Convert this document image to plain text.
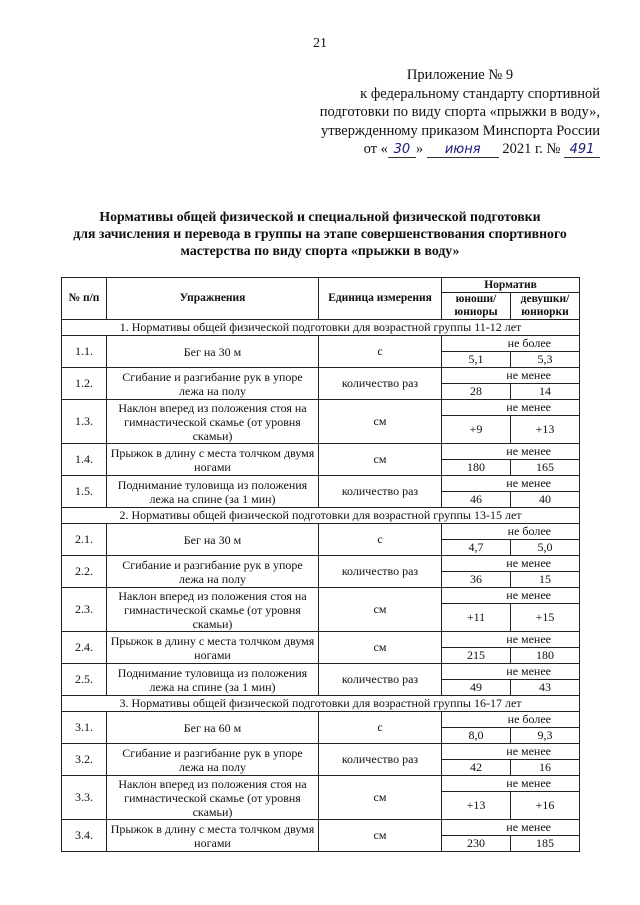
21
Приложение № 9
к федеральному стандарту спортивной
подготовки по виду спорта «прыжки в воду»,
утвержденному приказом Минспорта России
от « 30 » июня 2021 г. № 491
Нормативы общей физической и специальной физической подготовки
для зачисления и перевода в группы на этапе совершенствования спортивного
мастерства по виду спорта «прыжки в воду»
№ п/п	Упражнения	Единица измерения	Норматив	
			юноши/ юниоры	девушки/ юниорки
1. Нормативы общей физической подготовки для возрастной группы 11-12 лет				
1.1.	Бег на 30 м	с	не более	
			5,1	5,3
1.2.	Сгибание и разгибание рук в упоре лежа на полу	количество раз	не менее	
			28	14
1.3.	Наклон вперед из положения стоя на гимнастической скамье (от уровня скамьи)	см	не менее	
			+9	+13
1.4.	Прыжок в длину с места толчком двумя ногами	см	не менее	
			180	165
1.5.	Поднимание туловища из положения лежа на спине (за 1 мин)	количество раз	не менее	
			46	40
2. Нормативы общей физической подготовки для возрастной группы 13-15 лет				
2.1.	Бег на 30 м	с	не более	
			4,7	5,0
2.2.	Сгибание и разгибание рук в упоре лежа на полу	количество раз	не менее	
			36	15
2.3.	Наклон вперед из положения стоя на гимнастической скамье (от уровня скамьи)	см	не менее	
			+11	+15
2.4.	Прыжок в длину с места толчком двумя ногами	см	не менее	
			215	180
2.5.	Поднимание туловища из положения лежа на спине (за 1 мин)	количество раз	не менее	
			49	43
3. Нормативы общей физической подготовки для возрастной группы 16-17 лет				
3.1.	Бег на 60 м	с	не более	
			8,0	9,3
3.2.	Сгибание и разгибание рук в упоре лежа на полу	количество раз	не менее	
			42	16
3.3.	Наклон вперед из положения стоя на гимнастической скамье (от уровня скамьи)	см	не менее	
			+13	+16
3.4.	Прыжок в длину с места толчком двумя ногами	см	не менее	
			230	185
